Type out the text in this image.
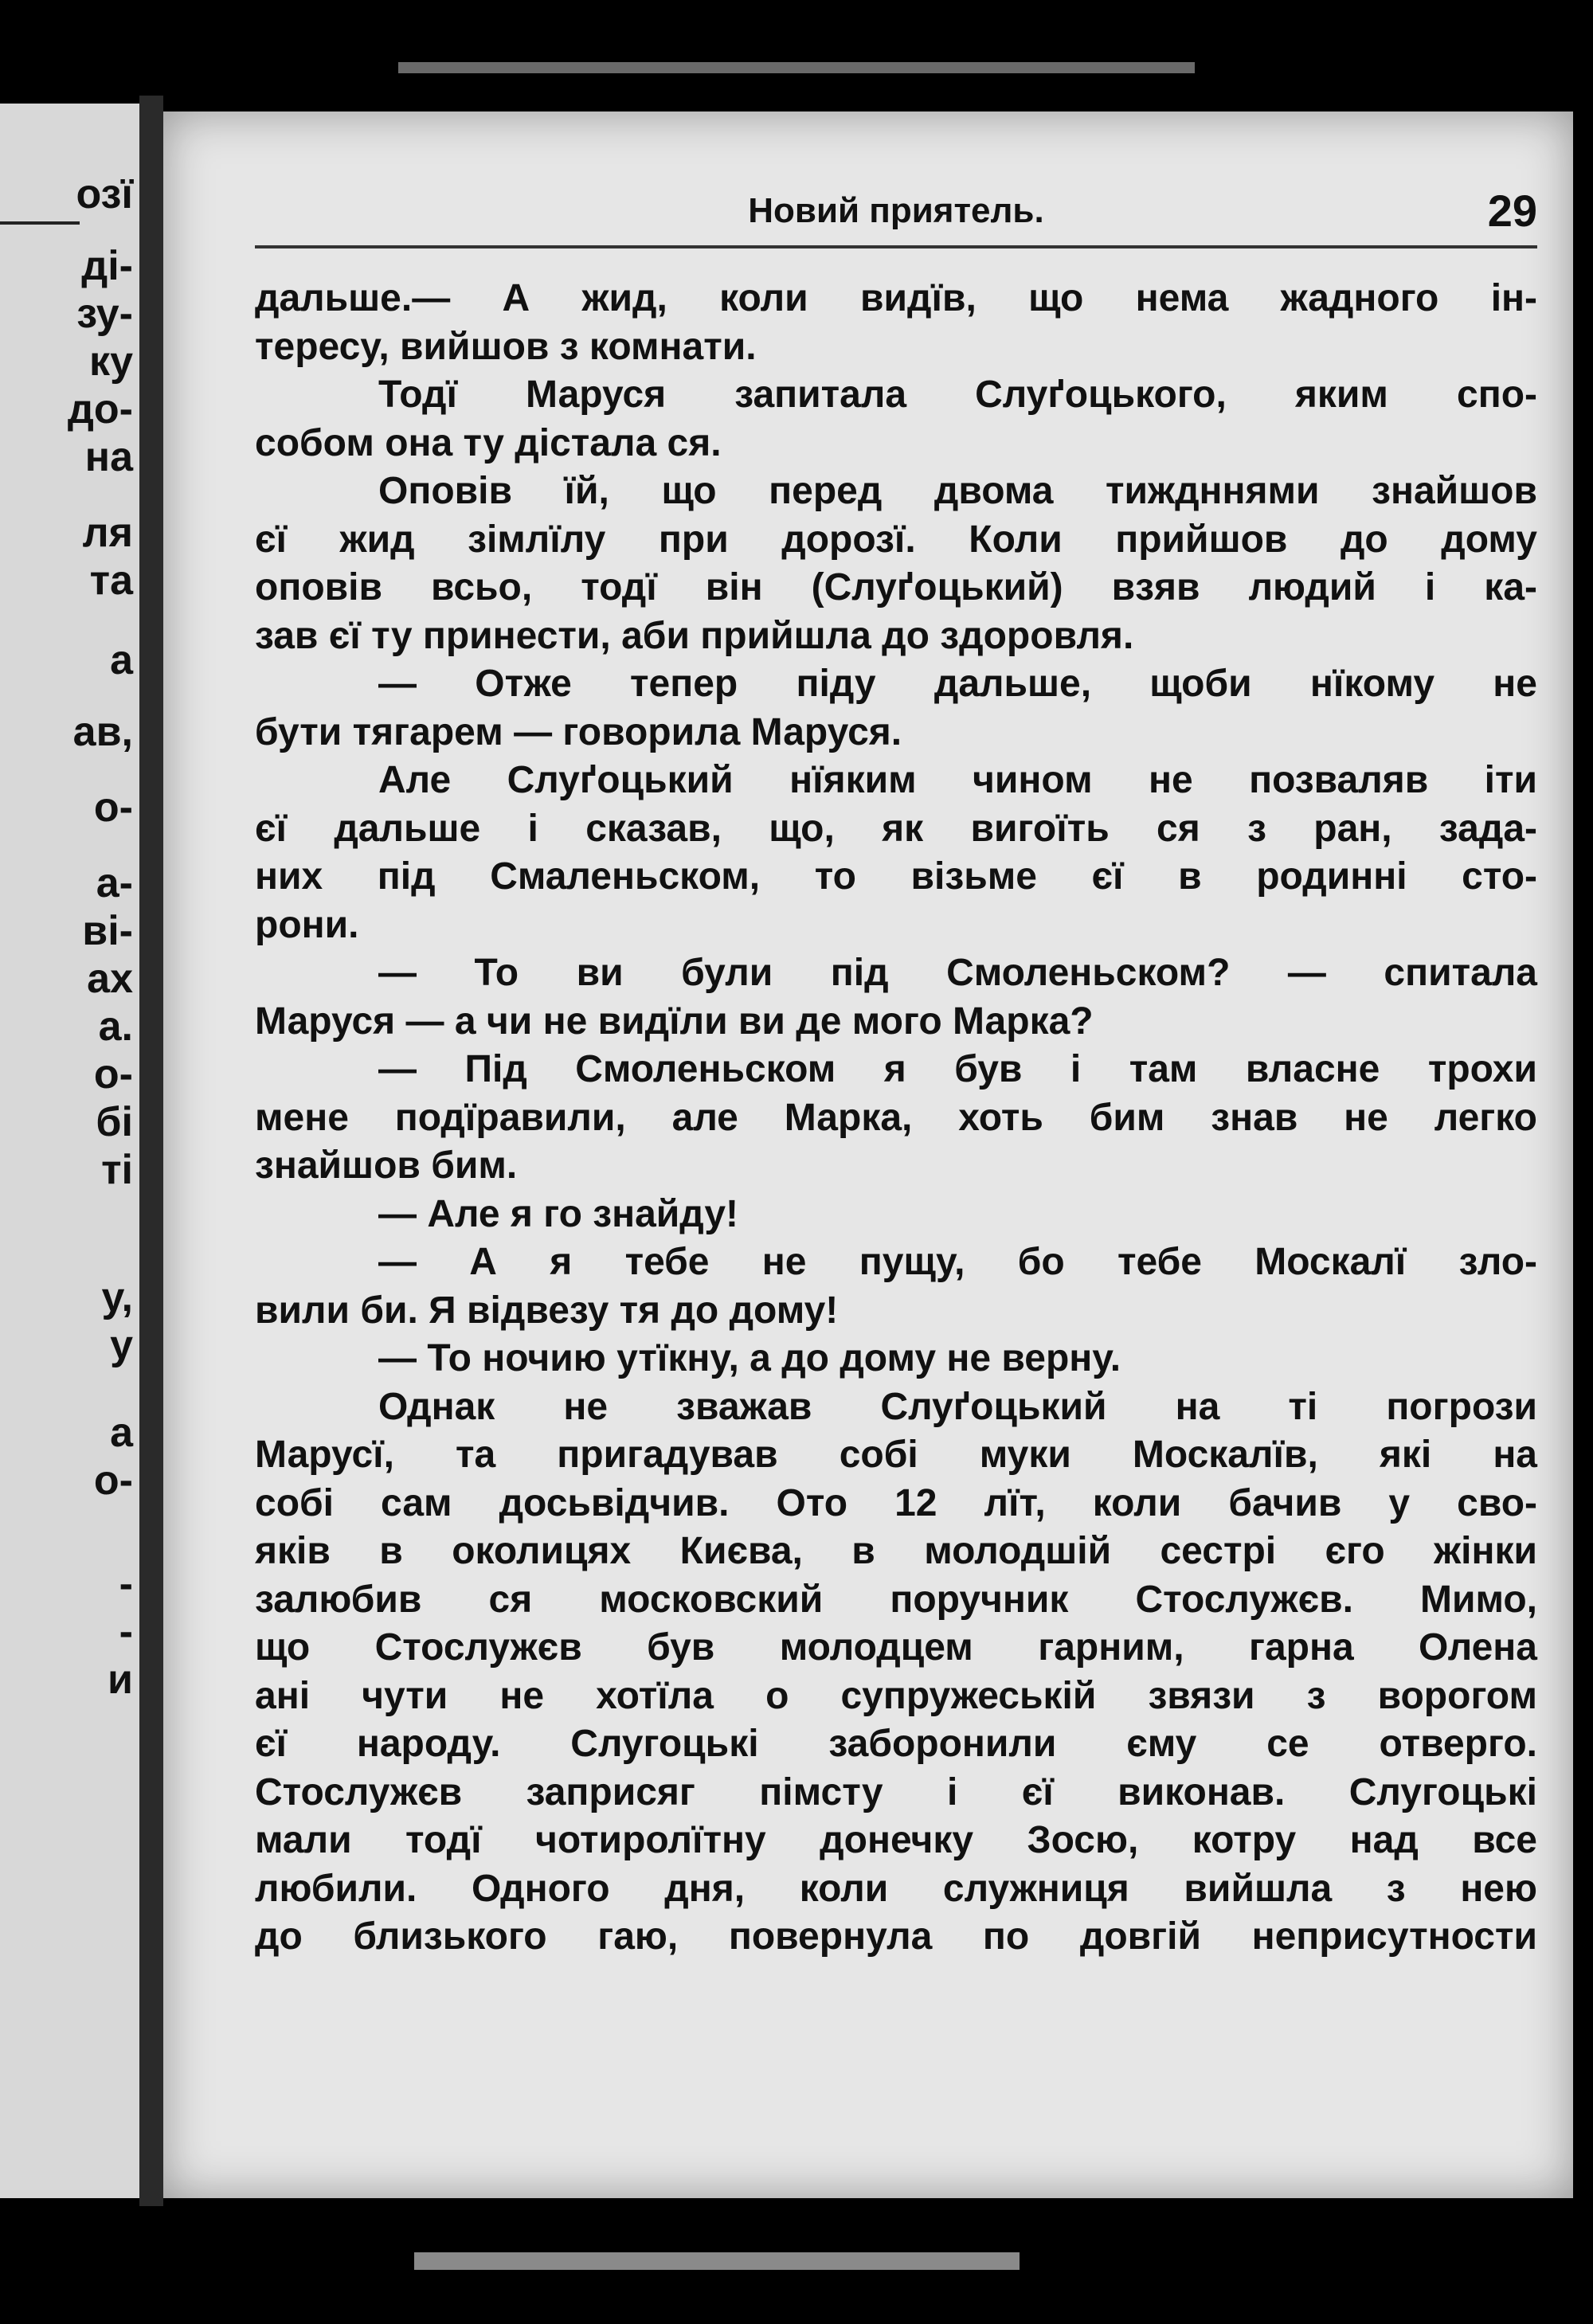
озї
ді-
зу-
ку
до-
на
ля
та
а
ав,
о-
а-
ві-
ах
а.
о-
бі
ті
у,
у
а
о-
-
-
и
Новий приятель.	29
дальше.— А жид, коли видїв, що нема жадного ін-
тересу, вийшов з комнати.
Тодї Маруся запитала Слуґоцького, яким спо-
собом она ту дістала ся.
Оповів їй, що перед двома тиждннями знайшов
єї жид зімлїлу при дорозї. Коли прийшов до дому
оповів всьо, тодї він (Слуґоцький) взяв людий і ка-
зав єї ту принести, аби прийшла до здоровля.
— Отже тепер піду дальше, щоби нїкому не
бути тягарем — говорила Маруся.
Але Слуґоцький нїяким чином не позваляв іти
єї дальше і сказав, що, як вигоїть ся з ран, зада-
них під Смаленьском, то візьме єї в родинні сто-
рони.
— То ви були під Смоленьском? — спитала
Маруся — а чи не видїли ви де мого Марка?
— Під Смоленьском я був і там власне трохи
мене подїравили, але Марка, хоть бим знав не легко
знайшов бим.
— Але я го знайду!
— А я тебе не пущу, бо тебе Москалї зло-
вили би. Я відвезу тя до дому!
— То ночию утїкну, а до дому не верну.
Однак не зважав Слуґоцький на ті погрози
Марусї, та пригадував собі муки Москалїв, які на
собі сам досьвідчив. Ото 12 лїт, коли бачив у сво-
яків в околицях Києва, в молодшій сестрі єго жінки
залюбив ся московский поручник Стослужєв. Мимо,
що Стослужєв був молодцем гарним, гарна Олена
ані чути не хотїла о супружеській звязи з ворогом
єї народу. Слугоцькі заборонили єму се отверго.
Стослужєв заприсяг пімсту і єї виконав. Слугоцькі
мали тодї чотиролїтну донечку Зосю, котру над все
любили. Одного дня, коли служниця вийшла з нею
до близького гаю, повернула по довгій неприсутности
